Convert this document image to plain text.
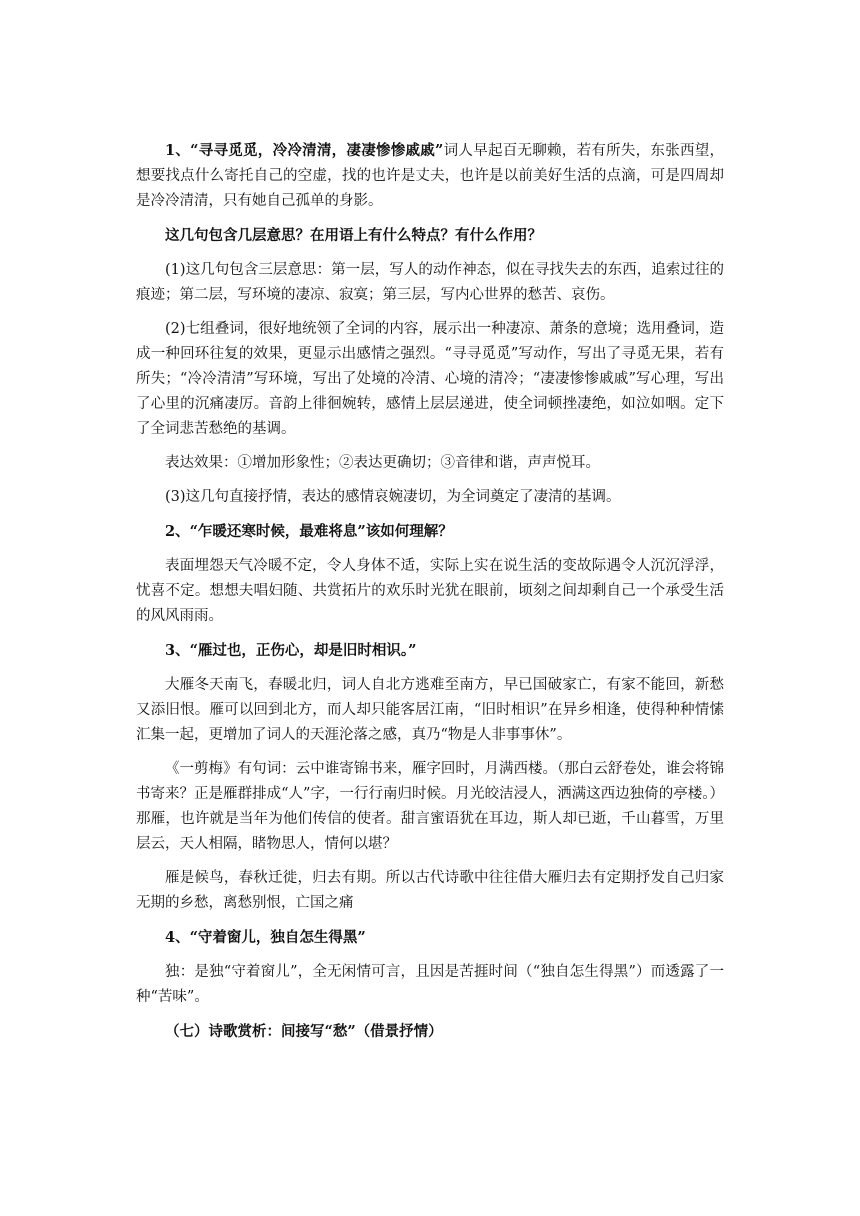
1、“寻寻觅觅，冷冷清清，凄凄惨惨戚戚”词人早起百无聊赖，若有所失，东张西望，想要找点什么寄托自己的空虚，找的也许是丈夫，也许是以前美好生活的点滴，可是四周却是冷冷清清，只有她自己孤单的身影。

这几句包含几层意思？在用语上有什么特点？有什么作用？

(1)这几句包含三层意思：第一层，写人的动作神态，似在寻找失去的东西，追索过往的痕迹；第二层，写环境的凄凉、寂寞；第三层，写内心世界的愁苦、哀伤。

(2)七组叠词，很好地统领了全词的内容，展示出一种凄凉、萧条的意境；选用叠词，造成一种回环往复的效果，更显示出感情之强烈。“寻寻觅觅”写动作，写出了寻觅无果，若有所失；“冷冷清清”写环境，写出了处境的冷清、心境的清冷；“凄凄惨惨戚戚”写心理，写出了心里的沉痛凄厉。音韵上徘徊婉转，感情上层层递进，使全词顿挫凄绝，如泣如咽。定下了全词悲苦愁绝的基调。

表达效果：①增加形象性；②表达更确切；③音律和谐，声声悦耳。

(3)这几句直接抒情，表达的感情哀婉凄切，为全词奠定了凄清的基调。

2、“乍暖还寒时候，最难将息”该如何理解？

表面埋怨天气冷暖不定，令人身体不适，实际上实在说生活的变故际遇令人沉沉浮浮，忧喜不定。想想夫唱妇随、共赏拓片的欢乐时光犹在眼前，顷刻之间却剩自己一个承受生活的风风雨雨。

3、“雁过也，正伤心，却是旧时相识。”

大雁冬天南飞，春暖北归，词人自北方逃难至南方，早已国破家亡，有家不能回，新愁又添旧恨。雁可以回到北方，而人却只能客居江南，“旧时相识”在异乡相逢，使得种种情愫汇集一起，更增加了词人的天涯沦落之感，真乃“物是人非事事休”。

《一剪梅》有句词：云中谁寄锦书来，雁字回时，月满西楼。（那白云舒卷处，谁会将锦书寄来？正是雁群排成“人”字，一行行南归时候。月光皎洁浸人，洒满这西边独倚的亭楼。）那雁，也许就是当年为他们传信的使者。甜言蜜语犹在耳边，斯人却已逝，千山暮雪，万里层云，天人相隔，睹物思人，情何以堪？

雁是候鸟，春秋迁徙，归去有期。所以古代诗歌中往往借大雁归去有定期抒发自己归家无期的乡愁，离愁别恨，亡国之痛

4、“守着窗儿，独自怎生得黑”

独：是独“守着窗儿”，全无闲情可言，且因是苦捱时间（“独自怎生得黑”）而透露了一种“苦味”。

（七）诗歌赏析：间接写“愁”（借景抒情）
